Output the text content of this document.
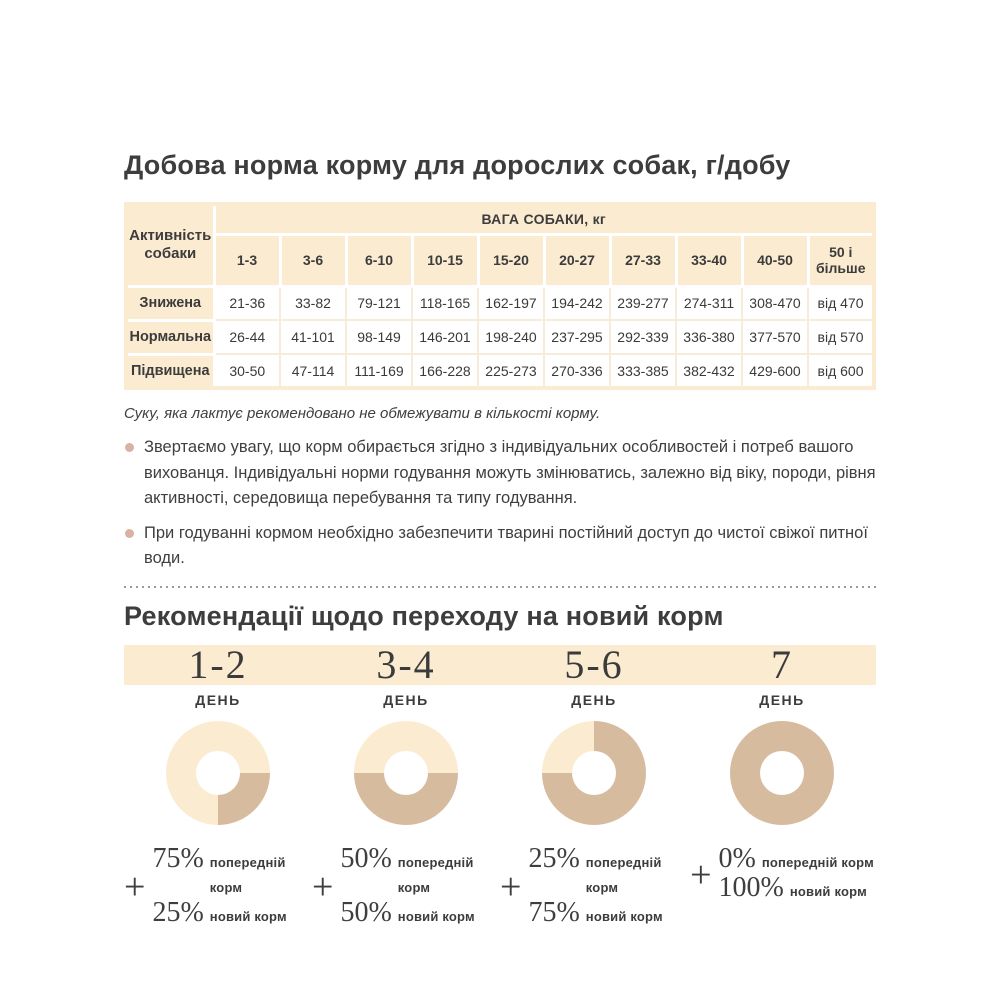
Добова норма корму для дорослих собак, г/добу
Активність собаки	ВАГА СОБАКИ, кг									
	1-3	3-6	6-10	10-15	15-20	20-27	27-33	33-40	40-50	50 і більше
Знижена	21-36	33-82	79-121	118-165	162-197	194-242	239-277	274-311	308-470	від 470
Нормальна	26-44	41-101	98-149	146-201	198-240	237-295	292-339	336-380	377-570	від 570
Підвищена	30-50	47-114	111-169	166-228	225-273	270-336	333-385	382-432	429-600	від 600
Суку, яка лактує рекомендовано не обмежувати в кількості корму.
Звертаємо увагу, що корм обирається згідно з індивідуальних особливостей і потреб вашого вихованця. Індивідуальні норми годування можуть змінюватись, залежно від віку, породи, рівня активності, середовища перебування та типу годування.
При годуванні кормом необхідно забезпечити тварині постійний доступ до чистої свіжої питної води.
Рекомендації щодо переходу на новий корм
1-2	3-4	5-6	7
ДЕНЬ
+
75% попередній корм
25% новий корм
ДЕНЬ
+
50% попередній корм
50% новий корм
ДЕНЬ
+
25% попередній корм
75% новий корм
ДЕНЬ
+ 0% попередній корм
100% новий корм
